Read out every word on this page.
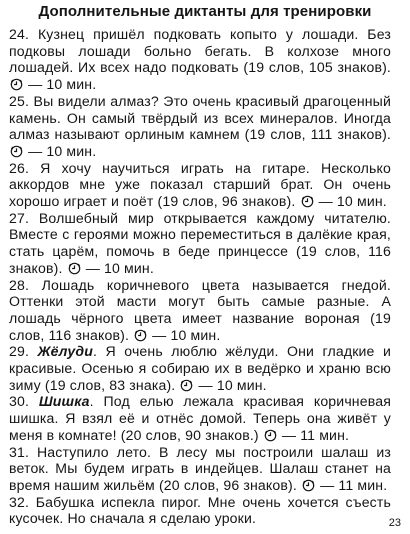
Дополнительные диктанты для тренировки
24. Кузнец пришёл подковать копыто у лошади. Без подковы лошади больно бегать. В колхозе много лошадей. Их всех надо подковать (19 слов, 105 знаков).  — 10 мин.
25. Вы видели алмаз? Это очень красивый драгоценный камень. Он самый твёрдый из всех минералов. Иногда алмаз называют орлиным камнем (19 слов, 111 знаков).  — 10 мин.
26. Я хочу научиться играть на гитаре. Несколько аккордов мне уже показал старший брат. Он очень хорошо играет и поёт (19 слов, 96 знаков). — 10 мин.
27. Волшебный мир открывается каждому читателю. Вместе с героями можно переместиться в далёкие края, стать царём, помочь в беде принцессе (19 слов, 116 знаков). — 10 мин.
28. Лошадь коричневого цвета называется гнедой. Оттенки этой масти могут быть самые разные. А лошадь чёрного цвета имеет название вороная (19 слов, 116 знаков). — 10 мин.
29. Жёлуди. Я очень люблю жёлуди. Они гладкие и красивые. Осенью я собираю их в ведёрко и храню всю зиму (19 слов, 83 знака). — 10 мин.
30. Шишка. Под елью лежала красивая коричневая шишка. Я взял её и отнёс домой. Теперь она живёт у меня в комнате! (20 слов, 90 знаков.) — 11 мин.
31. Наступило лето. В лесу мы построили шалаш из веток. Мы будем играть в индейцев. Шалаш станет на время нашим жильём (20 слов, 96 знаков). — 11 мин.
32. Бабушка испекла пирог. Мне очень хочется съесть кусочек. Но сначала я сделаю уроки.	23
